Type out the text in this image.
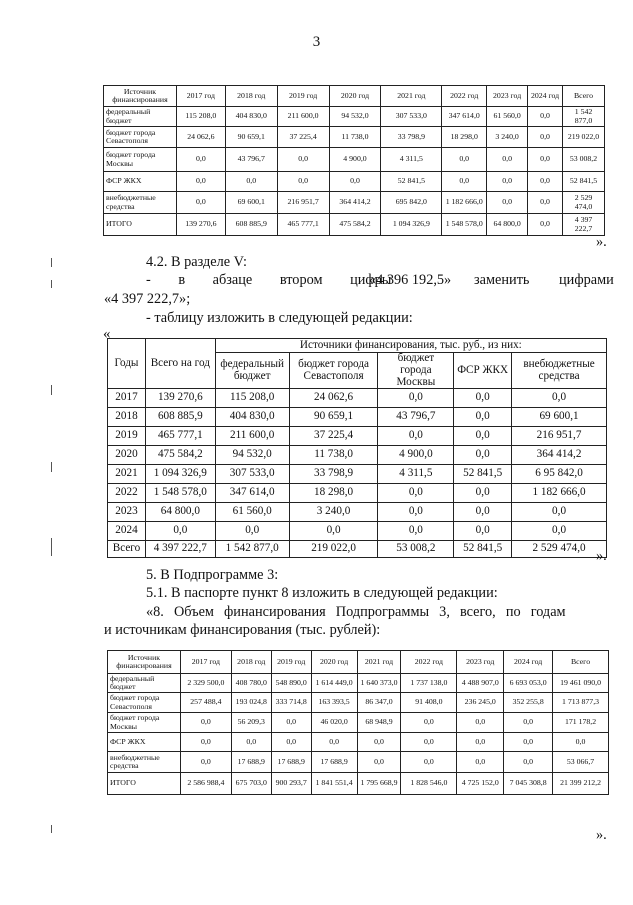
3
Источник финансирования	2017 год	2018 год	2019 год	2020 год	2021 год	2022 год	2023 год	2024 год	Всего
федеральный бюджет	115 208,0	404 830,0	211 600,0	94 532,0	307 533,0	347 614,0	61 560,0	0,0	1 542 877,0
бюджет города Севастополя	24 062,6	90 659,1	37 225,4	11 738,0	33 798,9	18 298,0	3 240,0	0,0	219 022,0
бюджет города Москвы	0,0	43 796,7	0,0	4 900,0	4 311,5	0,0	0,0	0,0	53 008,2
ФСР ЖКХ	0,0	0,0	0,0	0,0	52 841,5	0,0	0,0	0,0	52 841,5
внебюджетные средства	0,0	69 600,1	216 951,7	364 414,2	695 842,0	1 182 666,0	0,0	0,0	2 529 474,0
ИТОГО	139 270,6	608 885,9	465 777,1	475 584,2	1 094 326,9	1 548 578,0	64 800,0	0,0	4 397 222,7
».
4.2. В разделе V:
- в абзаце втором цифры
«4 396 192,5» заменить цифрами
«4 397 222,7»;
- таблицу изложить в следующей редакции:
«
Годы	Всего на год	Источники финансирования, тыс. руб., из них:				
		федеральный бюджет	бюджет города Севастополя	бюджет города Москвы	ФСР ЖКХ	внебюджетные средства
2017	139 270,6	115 208,0	24 062,6	0,0	0,0	0,0
2018	608 885,9	404 830,0	90 659,1	43 796,7	0,0	69 600,1
2019	465 777,1	211 600,0	37 225,4	0,0	0,0	216 951,7
2020	475 584,2	94 532,0	11 738,0	4 900,0	0,0	364 414,2
2021	1 094 326,9	307 533,0	33 798,9	4 311,5	52 841,5	6 95 842,0
2022	1 548 578,0	347 614,0	18 298,0	0,0	0,0	1 182 666,0
2023	64 800,0	61 560,0	3 240,0	0,0	0,0	0,0
2024	0,0	0,0	0,0	0,0	0,0	0,0
Всего	4 397 222,7	1 542 877,0	219 022,0	53 008,2	52 841,5	2 529 474,0 ».
5. В Подпрограмме 3:
5.1. В паспорте пункт 8 изложить в следующей редакции:
«8. Объем финансирования Подпрограммы 3, всего, по годам
и источникам финансирования (тыс. рублей):
Источник финансирования	2017 год	2018 год	2019 год	2020 год	2021 год	2022 год	2023 год	2024 год	Всего
федеральный бюджет	2 329 500,0	408 780,0	548 890,0	1 614 449,0	1 640 373,0	1 737 138,0	4 488 907,0	6 693 053,0	19 461 090,0
бюджет города Севастополя	257 488,4	193 024,8	333 714,8	163 393,5	86 347,0	91 408,0	236 245,0	352 255,8	1 713 877,3
бюджет города Москвы	0,0	56 209,3	0,0	46 020,0	68 948,9	0,0	0,0	0,0	171 178,2
ФСР ЖКХ	0,0	0,0	0,0	0,0	0,0	0,0	0,0	0,0	0,0
внебюджетные средства	0,0	17 688,9	17 688,9	17 688,9	0,0	0,0	0,0	0,0	53 066,7
ИТОГО	2 586 988,4	675 703,0	900 293,7	1 841 551,4	1 795 668,9	1 828 546,0	4 725 152,0	7 045 308,8	21 399 212,2
».
